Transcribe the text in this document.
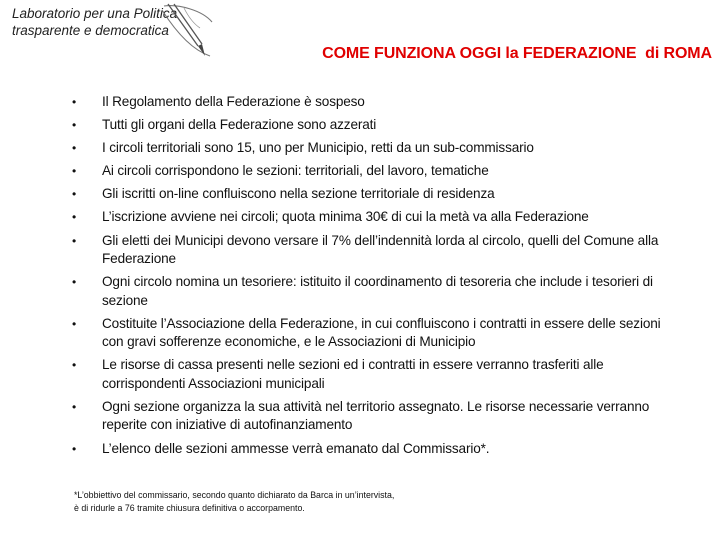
Laboratorio per una Politica
trasparente e democratica
COME FUNZIONA OGGI la FEDERAZIONE  di ROMA
• Il Regolamento della Federazione è sospeso
• Tutti gli organi della Federazione sono azzerati
• I circoli territoriali sono 15, uno per Municipio, retti da un sub-commissario
• Ai circoli corrispondono le sezioni: territoriali, del lavoro, tematiche
• Gli iscritti on-line confluiscono nella sezione territoriale di residenza
• L’iscrizione avviene nei circoli; quota minima 30€ di cui la metà va alla Federazione
• Gli eletti dei Municipi devono versare il 7% dell’indennità lorda al circolo, quelli del Comune alla Federazione
• Ogni circolo nomina un tesoriere: istituito il coordinamento di tesoreria che include i tesorieri di sezione
• Costituite l’Associazione della Federazione, in cui confluiscono i contratti in essere delle sezioni con gravi sofferenze economiche, e le Associazioni di Municipio
• Le risorse di cassa presenti nelle sezioni ed i contratti in essere verranno trasferiti alle corrispondenti Associazioni municipali
• Ogni sezione organizza la sua attività nel territorio assegnato. Le risorse necessarie verranno reperite con iniziative di autofinanziamento
• L’elenco delle sezioni ammesse verrà emanato dal Commissario*.
*L’obbiettivo del commissario, secondo quanto dichiarato da Barca in un’intervista,
è di ridurle a 76 tramite chiusura definitiva o accorpamento.
